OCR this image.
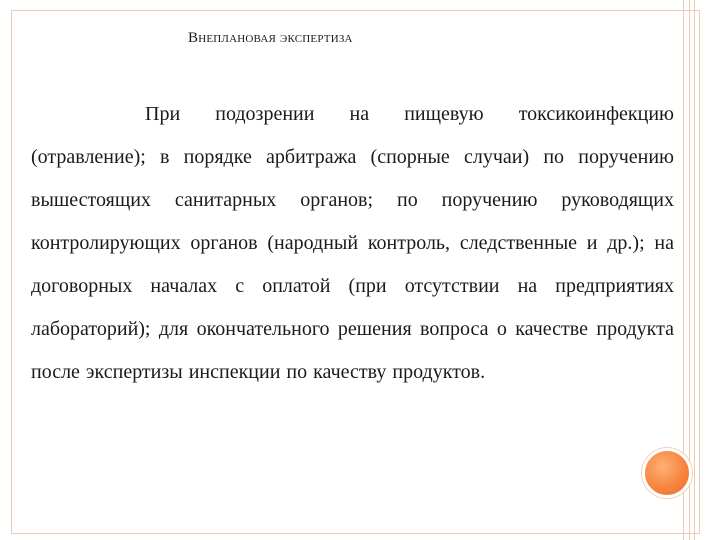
Внеплановая экспертиза

При подозрении на пищевую токсикоинфекцию (отравление); в порядке арбитража (спорные случаи) по поручению вышестоящих санитарных органов; по поручению руководящих контролирующих органов (народный контроль, следственные и др.); на договорных началах с оплатой (при отсутствии на предприятиях лабораторий); для окончательного решения вопроса о качестве продукта после экспертизы инспекции по качеству продуктов.
